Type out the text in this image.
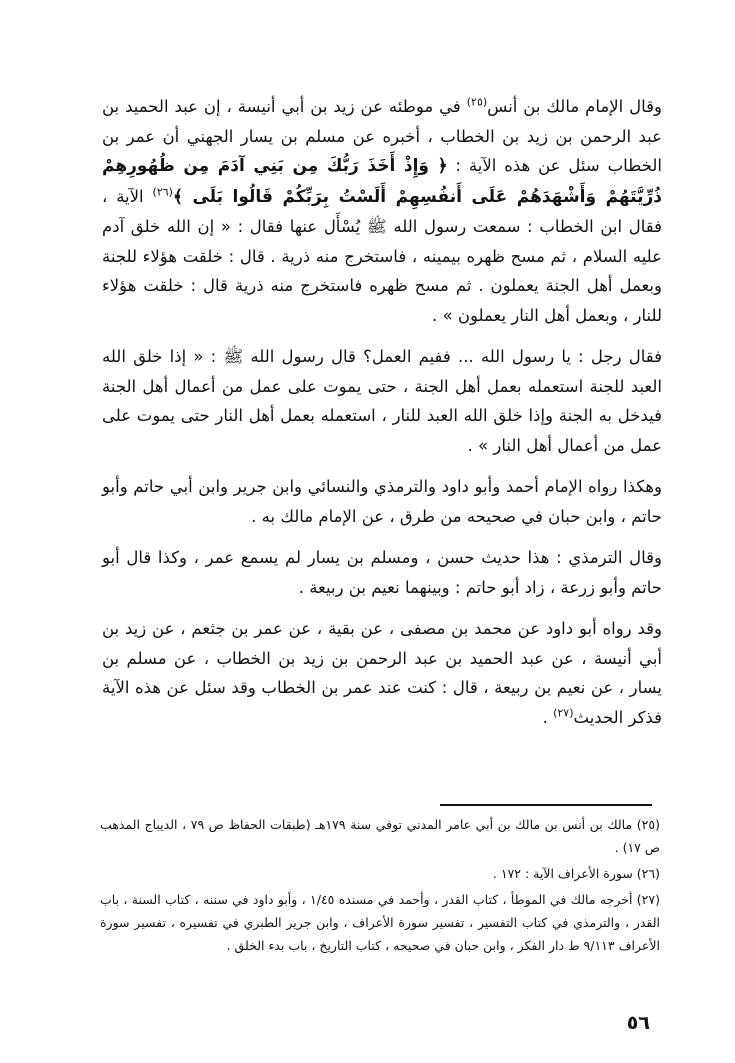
وقال الإمام مالك بن أنس$^{(٢٥)}$ في موطئه عن زيد بن أبي أنيسة ، إن عبد الحميد بن عبد الرحمن بن زيد بن الخطاب ، أخبره عن مسلم بن يسار الجهني أن عمر بن الخطاب سئل عن هذه الآية : ﴿ وَإِذْ أَخَذَ رَبُّكَ مِن بَنِي آدَمَ مِن ظُهُورِهِمْ ذُرِّيَّتَهُمْ وَأَشْهَدَهُمْ عَلَى أَنفُسِهِمْ أَلَسْتُ بِرَبِّكُمْ قَالُوا بَلَى ﴾$^{(٢٦)}$ الآية ، فقال ابن الخطاب : سمعت رسول الله ﷺ يُسْأَل عنها فقال : « إن الله خلق آدم عليه السلام ، ثم مسح ظهره بيمينه ، فاستخرج منه ذرية . قال : خلقت هؤلاء للجنة وبعمل أهل الجنة يعملون . ثم مسح ظهره فاستخرج منه ذرية قال : خلقت هؤلاء للنار ، وبعمل أهل النار يعملون » .

فقال رجل : يا رسول الله ... ففيم العمل؟ قال رسول الله ﷺ : « إذا خلق الله العبد للجنة استعمله بعمل أهل الجنة ، حتى يموت على عمل من أعمال أهل الجنة فيدخل به الجنة وإذا خلق الله العبد للنار ، استعمله بعمل أهل النار حتى يموت على عمل من أعمال أهل النار » .

وهكذا رواه الإمام أحمد وأبو داود والترمذي والنسائي وابن جرير وابن أبي حاتم وأبو حاتم ، وابن حبان في صحيحه من طرق ، عن الإمام مالك به .

وقال الترمذي : هذا حديث حسن ، ومسلم بن يسار لم يسمع عمر ، وكذا قال أبو حاتم وأبو زرعة ، زاد أبو حاتم : وبينهما نعيم بن ربيعة .

وقد رواه أبو داود عن محمد بن مصفى ، عن بقية ، عن عمر بن جثعم ، عن زيد بن أبي أنيسة ، عن عبد الحميد بن عبد الرحمن بن زيد بن الخطاب ، عن مسلم بن يسار ، عن نعيم بن ربيعة ، قال : كنت عند عمر بن الخطاب وقد سئل عن هذه الآية فذكر الحديث$^{(٢٧)}$ .

(٢٥) مالك بن أنس بن مالك بن أبي عامر المدني توفي سنة ١٧٩هـ (طبقات الحفاظ ص ٧٩ ، الديباج المذهب ص ١٧) .

(٢٦) سورة الأعراف الآية : ١٧٢ .

(٢٧) أخرجه مالك في الموطأ ، كتاب القدر ، وأحمد في مسنده ١/٤٥ ، وأبو داود في سننه ، كتاب السنة ، باب القدر ، والترمذي في كتاب التفسير ، تفسير سورة الأعراف ، وابن جرير الطبري في تفسيره ، تفسير سورة الأعراف ٩/١١٣ ط دار الفكر ، وابن حبان في صحيحه ، كتاب التاريخ ، باب بدء الخلق .

٥٦
